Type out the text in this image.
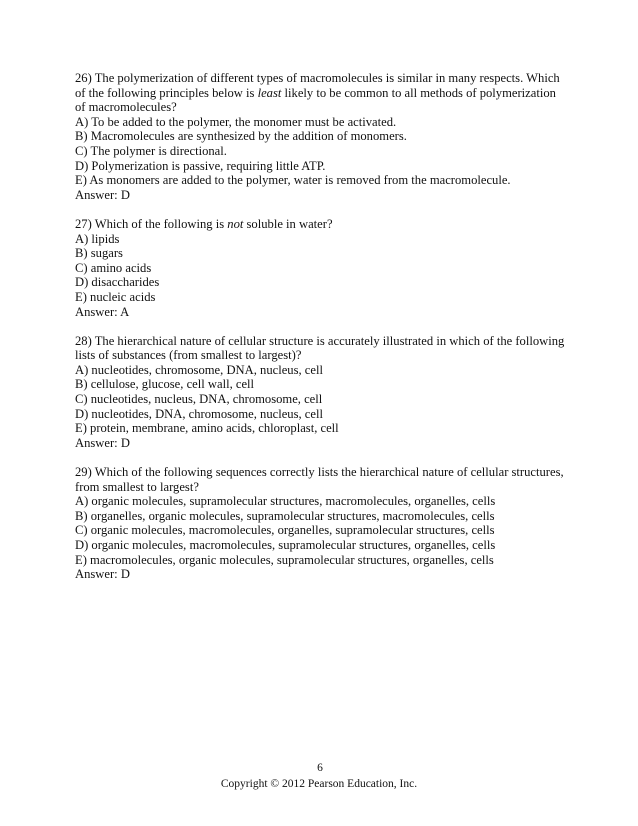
26) The polymerization of different types of macromolecules is similar in many respects. Which
of the following principles below is least likely to be common to all methods of polymerization
of macromolecules?
A) To be added to the polymer, the monomer must be activated.
B) Macromolecules are synthesized by the addition of monomers.
C) The polymer is directional.
D) Polymerization is passive, requiring little ATP.
E) As monomers are added to the polymer, water is removed from the macromolecule.
Answer: D
27) Which of the following is not soluble in water?
A) lipids
B) sugars
C) amino acids
D) disaccharides
E) nucleic acids
Answer: A
28) The hierarchical nature of cellular structure is accurately illustrated in which of the following
lists of substances (from smallest to largest)?
A) nucleotides, chromosome, DNA, nucleus, cell
B) cellulose, glucose, cell wall, cell
C) nucleotides, nucleus, DNA, chromosome, cell
D) nucleotides, DNA, chromosome, nucleus, cell
E) protein, membrane, amino acids, chloroplast, cell
Answer: D
29) Which of the following sequences correctly lists the hierarchical nature of cellular structures,
from smallest to largest?
A) organic molecules, supramolecular structures, macromolecules, organelles, cells
B) organelles, organic molecules, supramolecular structures, macromolecules, cells
C) organic molecules, macromolecules, organelles, supramolecular structures, cells
D) organic molecules, macromolecules, supramolecular structures, organelles, cells
E) macromolecules, organic molecules, supramolecular structures, organelles, cells
Answer: D
6
Copyright © 2012 Pearson Education, Inc.
